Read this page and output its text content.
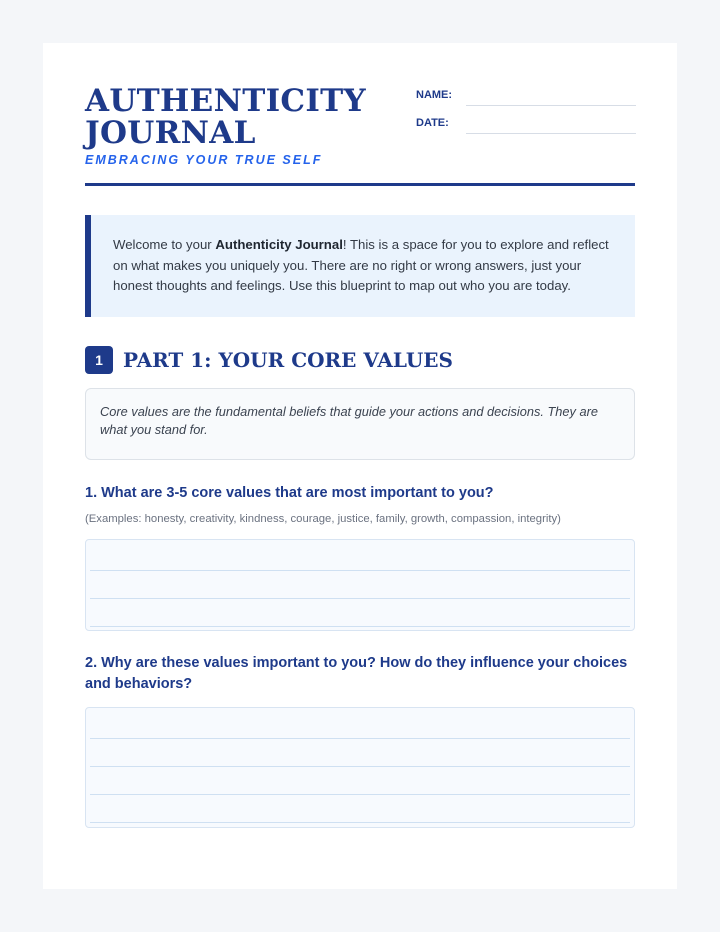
AUTHENTICITY JOURNAL
EMBRACING YOUR TRUE SELF
NAME:
DATE:
Welcome to your Authenticity Journal! This is a space for you to explore and reflect on what makes you uniquely you. There are no right or wrong answers, just your honest thoughts and feelings. Use this blueprint to map out who you are today.
1	PART 1: YOUR CORE VALUES
Core values are the fundamental beliefs that guide your actions and decisions. They are what you stand for.
1. What are 3-5 core values that are most important to you?
(Examples: honesty, creativity, kindness, courage, justice, family, growth, compassion, integrity)
2. Why are these values important to you? How do they influence your choices and behaviors?
